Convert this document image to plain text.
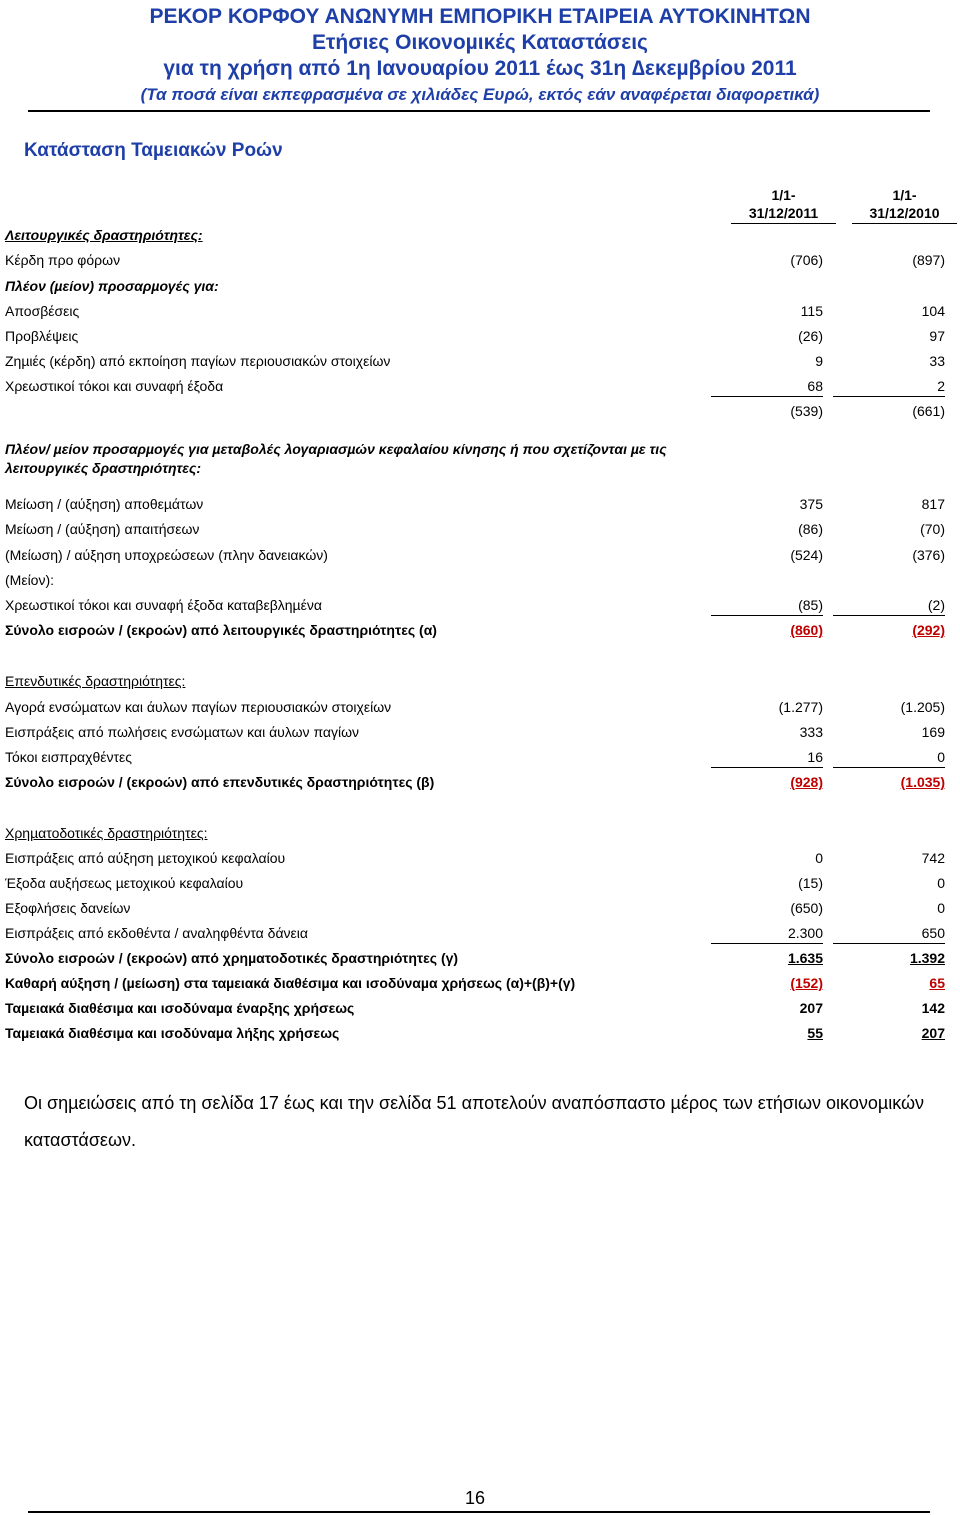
ΡΕΚΟΡ ΚΟΡΦΟΥ ΑΝΩΝΥΜΗ ΕΜΠΟΡΙΚΗ ΕΤΑΙΡΕΙΑ ΑΥΤΟΚΙΝΗΤΩΝ
Ετήσιες Οικονοµικές Καταστάσεις
για τη χρήση από 1η Ιανουαρίου 2011 έως 31η ∆εκεµβρίου 2011
(Τα ποσά είναι εκπεφρασµένα σε χιλιάδες Ευρώ, εκτός εάν αναφέρεται διαφορετικά)
Κατάσταση Ταµειακών Ροών
1/1-
31/12/2011
1/1-
31/12/2010
Λειτουργικές δραστηριότητες:
Κέρδη προ φόρων	(706)	(897)
Πλέον (µείον) προσαρµογές για:
Αποσβέσεις	115	104
Προβλέψεις	(26)	97
Ζηµιές (κέρδη) από εκποίηση παγίων περιουσιακών στοιχείων	9	33
Χρεωστικοί τόκοι και συναφή έξοδα	68	2
(539)	(661)
Μείωση / (αύξηση) αποθεµάτων	375	817
Μείωση / (αύξηση) απαιτήσεων	(86)	(70)
(Μείωση) / αύξηση υποχρεώσεων (πλην δανειακών)	(524)	(376)
(Μείον):
Χρεωστικοί τόκοι και συναφή έξοδα καταβεβληµένα	(85)	(2)
Σύνολο εισροών / (εκροών) από λειτουργικές δραστηριότητες (α)	(860)	(292)
Επενδυτικές δραστηριότητες:
Αγορά ενσώµατων και άυλων παγίων περιουσιακών στοιχείων	(1.277)	(1.205)
Εισπράξεις από πωλήσεις ενσώµατων και άυλων παγίων	333	169
Τόκοι εισπραχθέντες	16	0
Σύνολο εισροών / (εκροών) από επενδυτικές δραστηριότητες (β)	(928)	(1.035)
Χρηµατοδοτικές δραστηριότητες:
Εισπράξεις από αύξηση µετοχικού κεφαλαίου	0	742
Έξοδα αυξήσεως µετοχικού κεφαλαίου	(15)	0
Εξοφλήσεις δανείων	(650)	0
Εισπράξεις από εκδοθέντα / αναληφθέντα δάνεια	2.300	650
Σύνολο εισροών / (εκροών) από χρηµατοδοτικές δραστηριότητες (γ)	1.635	1.392
Καθαρή αύξηση / (µείωση) στα ταµειακά διαθέσιµα και ισοδύναµα χρήσεως (α)+(β)+(γ)	(152)	65
Ταµειακά διαθέσιµα και ισοδύναµα έναρξης χρήσεως	207	142
Ταµειακά διαθέσιµα και ισοδύναµα λήξης χρήσεως	55	207
Πλέον/ µείον προσαρµογές για µεταβολές λογαριασµών κεφαλαίου κίνησης ή που σχετίζονται µε τις λειτουργικές δραστηριότητες:
Οι σηµειώσεις από τη σελίδα 17 έως και την σελίδα 51 αποτελούν αναπόσπαστο µέρος των ετήσιων οικονοµικών καταστάσεων.
16
